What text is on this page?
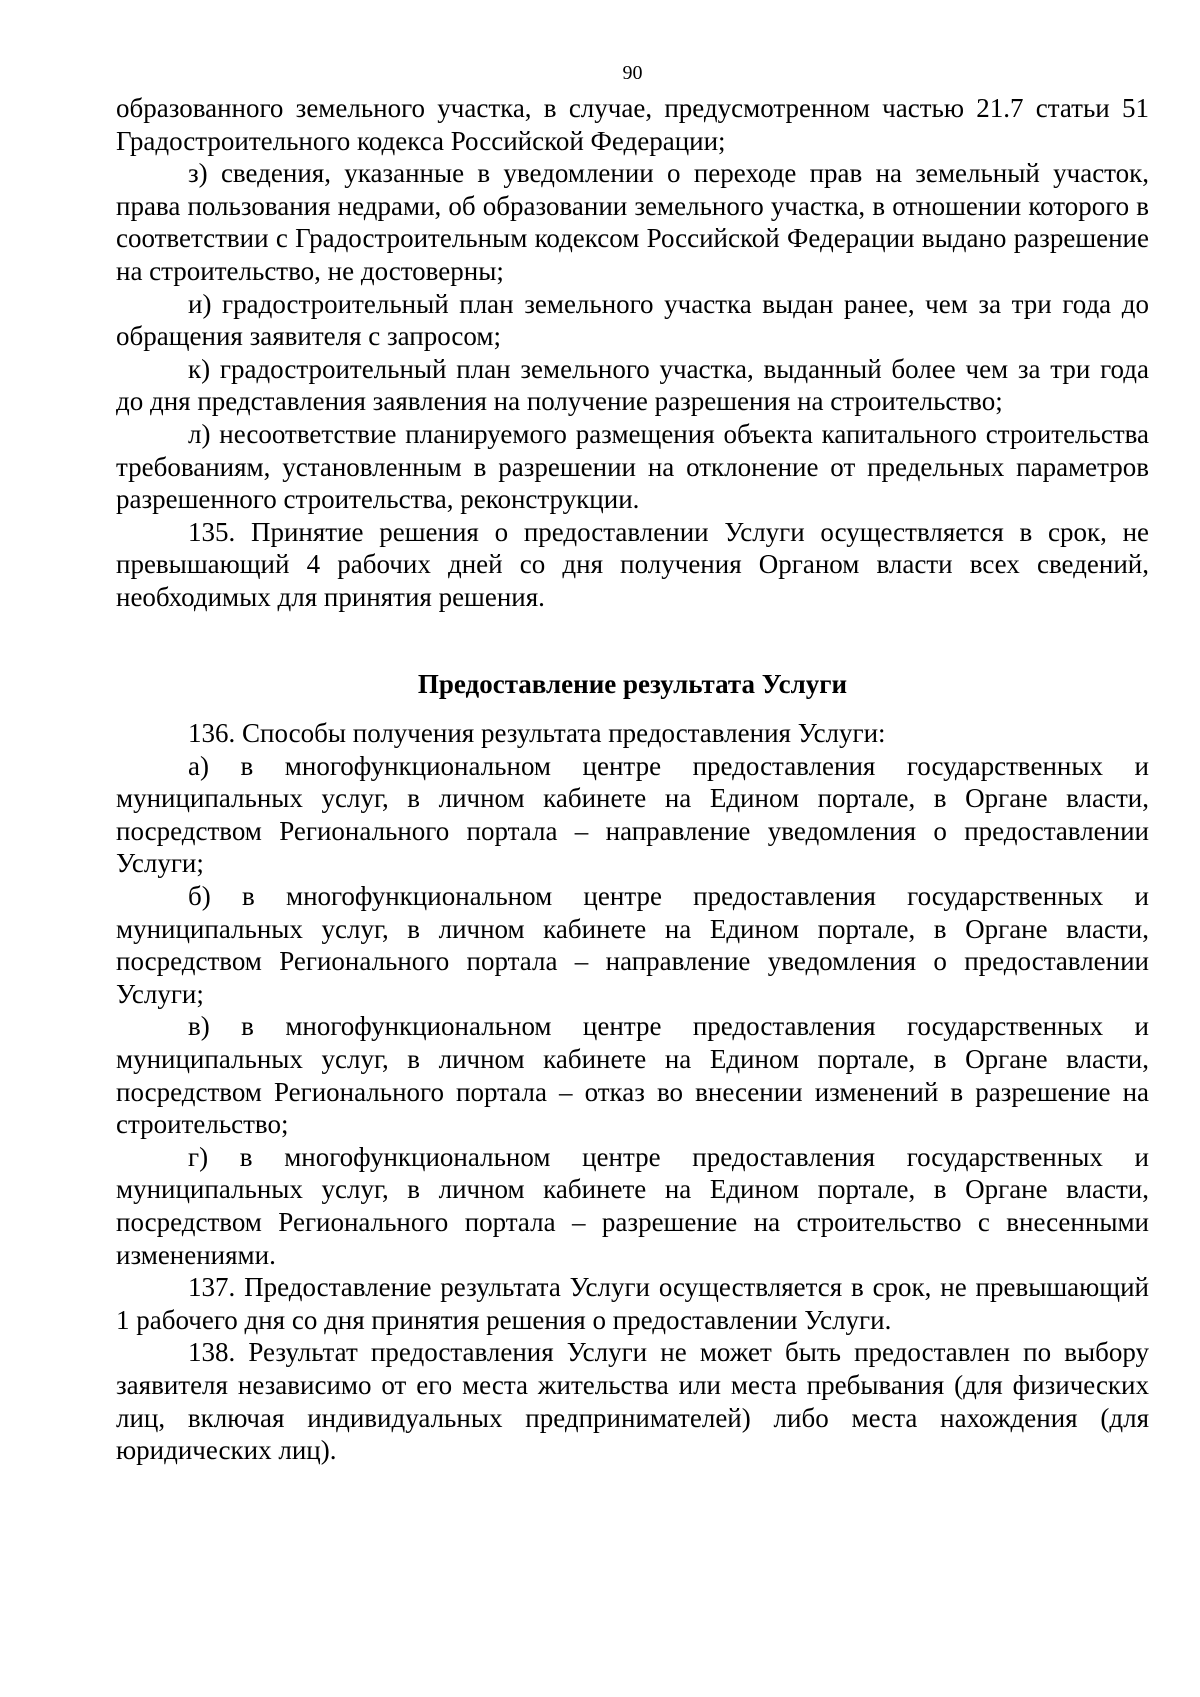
90

образованного земельного участка, в случае, предусмотренном частью 21.7 статьи 51 Градостроительного кодекса Российской Федерации;

з) сведения, указанные в уведомлении о переходе прав на земельный участок, права пользования недрами, об образовании земельного участка, в отношении которого в соответствии с Градостроительным кодексом Российской Федерации выдано разрешение на строительство, не достоверны;

и) градостроительный план земельного участка выдан ранее, чем за три года до обращения заявителя с запросом;

к) градостроительный план земельного участка, выданный более чем за три года до дня представления заявления на получение разрешения на строительство;

л) несоответствие планируемого размещения объекта капитального строительства требованиям, установленным в разрешении на отклонение от предельных параметров разрешенного строительства, реконструкции.

135. Принятие решения о предоставлении Услуги осуществляется в срок, не превышающий 4 рабочих дней со дня получения Органом власти всех сведений, необходимых для принятия решения.

Предоставление результата Услуги

136. Способы получения результата предоставления Услуги:

а) в многофункциональном центре предоставления государственных и муниципальных услуг, в личном кабинете на Едином портале, в Органе власти, посредством Регионального портала – направление уведомления о предоставлении Услуги;

б) в многофункциональном центре предоставления государственных и муниципальных услуг, в личном кабинете на Едином портале, в Органе власти, посредством Регионального портала – направление уведомления о предоставлении Услуги;

в) в многофункциональном центре предоставления государственных и муниципальных услуг, в личном кабинете на Едином портале, в Органе власти, посредством Регионального портала – отказ во внесении изменений в разрешение на строительство;

г) в многофункциональном центре предоставления государственных и муниципальных услуг, в личном кабинете на Едином портале, в Органе власти, посредством Регионального портала – разрешение на строительство с внесенными изменениями.

137. Предоставление результата Услуги осуществляется в срок, не превышающий 1 рабочего дня со дня принятия решения о предоставлении Услуги.

138. Результат предоставления Услуги не может быть предоставлен по выбору заявителя независимо от его места жительства или места пребывания (для физических лиц, включая индивидуальных предпринимателей) либо места нахождения (для юридических лиц).
